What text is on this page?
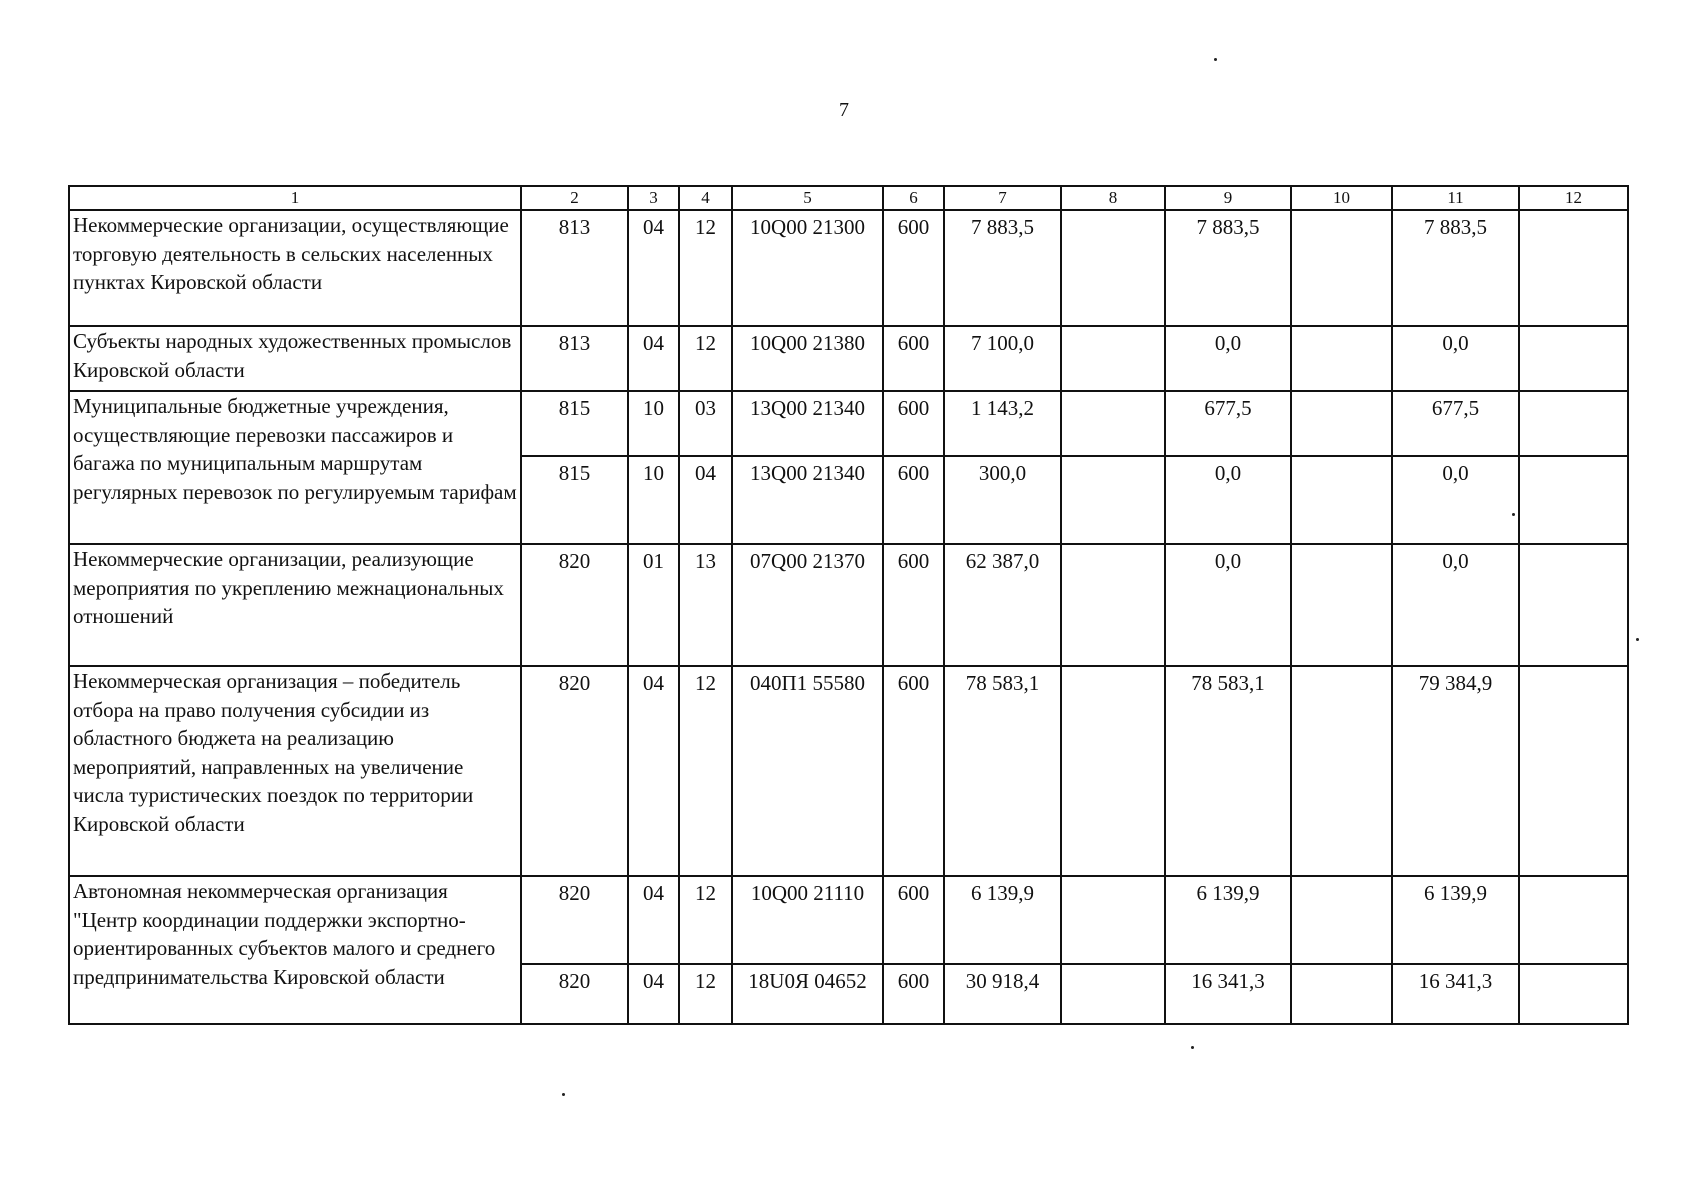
7
1	2	3	4	5	6	7	8	9	10	11	12
Некоммерческие организации, осуществляющие торговую деятельность в сельских населенных пунктах Кировской области	813	04	12	10Q00 21300	600	7 883,5		7 883,5		7 883,5	
Субъекты народных художественных промыслов Кировской области	813	04	12	10Q00 21380	600	7 100,0		0,0		0,0	
Муниципальные бюджетные учреждения, осуществляющие перевозки пассажиров и багажа по муниципальным маршрутам регулярных перевозок по регулируемым тарифам	815	10	03	13Q00 21340	600	1 143,2		677,5		677,5	
	815	10	04	13Q00 21340	600	300,0		0,0		0,0	
Некоммерческие организации, реализующие мероприятия по укреплению межнациональных отношений	820	01	13	07Q00 21370	600	62 387,0		0,0		0,0	
Некоммерческая организация – победитель отбора на право получения субсидии из областного бюджета на реализацию мероприятий, направленных на увеличение числа туристических поездок по территории Кировской области	820	04	12	040П1 55580	600	78 583,1		78 583,1		79 384,9	
Автономная некоммерческая организация "Центр координации поддержки экспортно-ориентированных субъектов малого и среднего предпринимательства Кировской области	820	04	12	10Q00 21110	600	6 139,9		6 139,9		6 139,9	
	820	04	12	18U0Я 04652	600	30 918,4		16 341,3		16 341,3	
